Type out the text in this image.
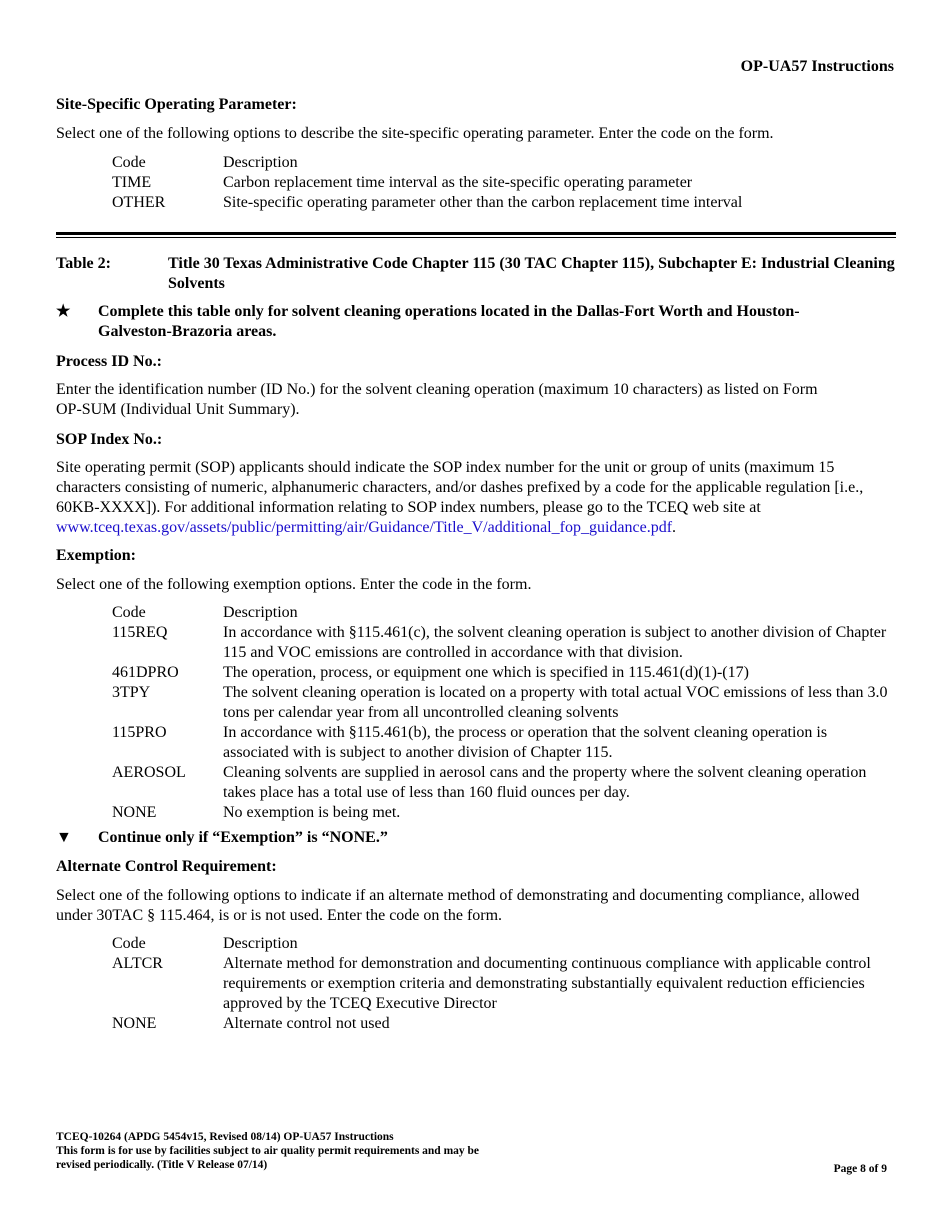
OP-UA57 Instructions
Site-Specific Operating Parameter:
Select one of the following options to describe the site-specific operating parameter. Enter the code on the form.
Code	Description
TIME	Carbon replacement time interval as the site-specific operating parameter
OTHER	Site-specific operating parameter other than the carbon replacement time interval
Table 2:	Title 30 Texas Administrative Code Chapter 115 (30 TAC Chapter 115), Subchapter E: Industrial Cleaning Solvents
★ Complete this table only for solvent cleaning operations located in the Dallas-Fort Worth and Houston-Galveston-Brazoria areas.
Process ID No.:
Enter the identification number (ID No.) for the solvent cleaning operation (maximum 10 characters) as listed on Form OP-SUM (Individual Unit Summary).
SOP Index No.:
Site operating permit (SOP) applicants should indicate the SOP index number for the unit or group of units (maximum 15 characters consisting of numeric, alphanumeric characters, and/or dashes prefixed by a code for the applicable regulation [i.e., 60KB-XXXX]). For additional information relating to SOP index numbers, please go to the TCEQ web site at www.tceq.texas.gov/assets/public/permitting/air/Guidance/Title_V/additional_fop_guidance.pdf.
Exemption:
Select one of the following exemption options. Enter the code in the form.
Code	Description
115REQ	In accordance with §115.461(c), the solvent cleaning operation is subject to another division of Chapter 115 and VOC emissions are controlled in accordance with that division.
461DPRO	The operation, process, or equipment one which is specified in 115.461(d)(1)-(17)
3TPY	The solvent cleaning operation is located on a property with total actual VOC emissions of less than 3.0 tons per calendar year from all uncontrolled cleaning solvents
115PRO	In accordance with §115.461(b), the process or operation that the solvent cleaning operation is associated with is subject to another division of Chapter 115.
AEROSOL	Cleaning solvents are supplied in aerosol cans and the property where the solvent cleaning operation takes place has a total use of less than 160 fluid ounces per day.
NONE	No exemption is being met.
▼ Continue only if “Exemption” is “NONE.”
Alternate Control Requirement:
Select one of the following options to indicate if an alternate method of demonstrating and documenting compliance, allowed under 30TAC § 115.464, is or is not used. Enter the code on the form.
Code	Description
ALTCR	Alternate method for demonstration and documenting continuous compliance with applicable control requirements or exemption criteria and demonstrating substantially equivalent reduction efficiencies approved by the TCEQ Executive Director
NONE	Alternate control not used
TCEQ-10264 (APDG 5454v15, Revised 08/14) OP-UA57 Instructions
This form is for use by facilities subject to air quality permit requirements and may be
revised periodically. (Title V Release 07/14)	Page 8 of 9
